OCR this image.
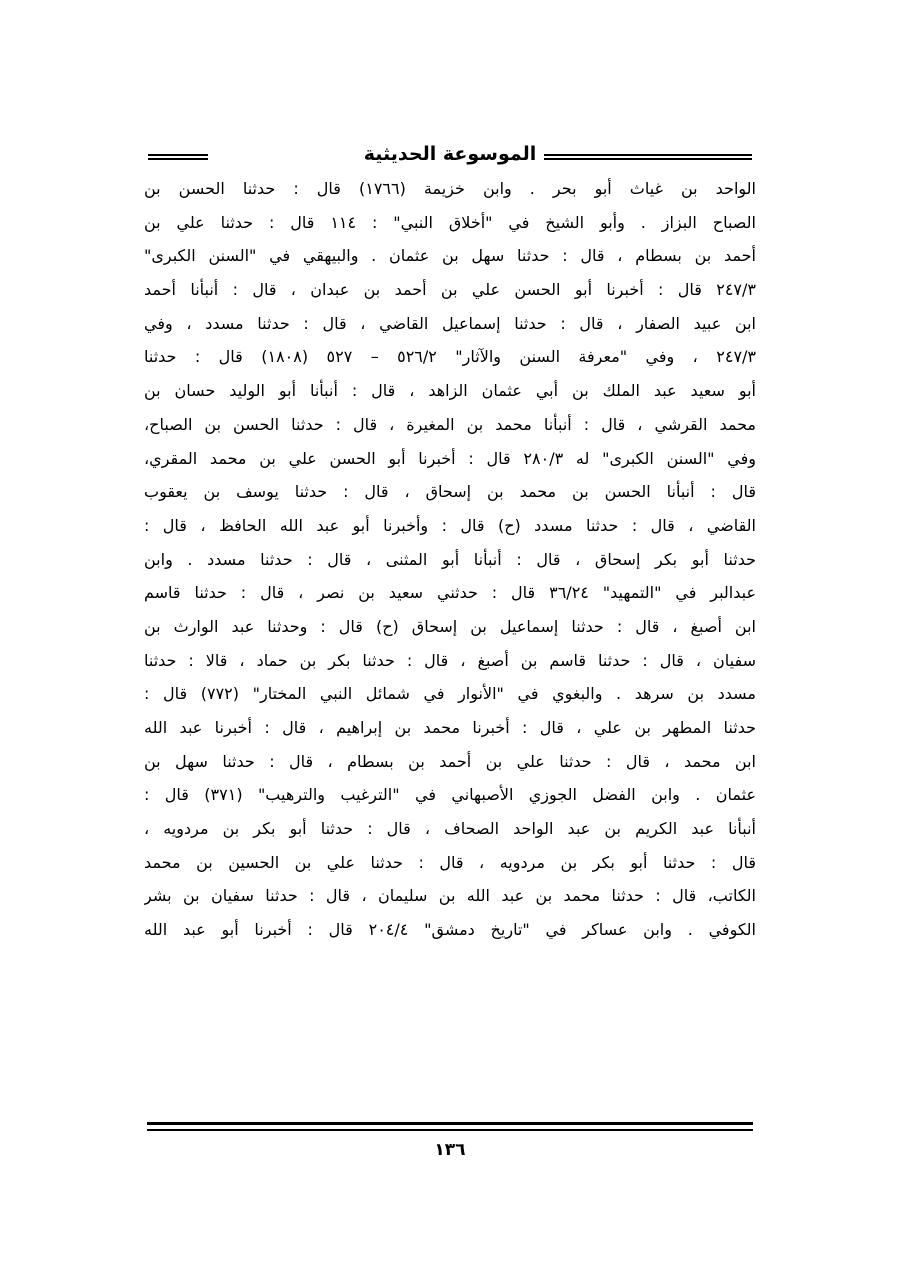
الموسوعة الحديثية
الواحد بن غياث أبو بحر . وابن خزيمة (١٧٦٦) قال : حدثنا الحسن بن
الصباح البزاز . وأبو الشيخ في "أخلاق النبي" : ١١٤ قال : حدثنا علي بن
أحمد بن بسطام ، قال : حدثنا سهل بن عثمان . والبيهقي في "السنن الكبرى"
٢٤٧/٣ قال : أخبرنا أبو الحسن علي بن أحمد بن عبدان ، قال : أنبأنا أحمد
ابن عبيد الصفار ، قال : حدثنا إسماعيل القاضي ، قال : حدثنا مسدد ، وفي
٢٤٧/٣ ، وفي "معرفة السنن والآثار" ٥٢٦/٢ – ٥٢٧ (١٨٠٨) قال : حدثنا
أبو سعيد عبد الملك بن أبي عثمان الزاهد ، قال : أنبأنا أبو الوليد حسان بن
محمد القرشي ، قال : أنبأنا محمد بن المغيرة ، قال : حدثنا الحسن بن الصباح،
وفي "السنن الكبرى" له ٢٨٠/٣ قال : أخبرنا أبو الحسن علي بن محمد المقري،
قال : أنبأنا الحسن بن محمد بن إسحاق ، قال : حدثنا يوسف بن يعقوب
القاضي ، قال : حدثنا مسدد (ح) قال : وأخبرنا أبو عبد الله الحافظ ، قال :
حدثنا أبو بكر إسحاق ، قال : أنبأنا أبو المثنى ، قال : حدثنا مسدد . وابن
عبدالبر في "التمهيد" ٣٦/٢٤ قال : حدثني سعيد بن نصر ، قال : حدثنا قاسم
ابن أصبغ ، قال : حدثنا إسماعيل بن إسحاق (ح) قال : وحدثنا عبد الوارث بن
سفيان ، قال : حدثنا قاسم بن أصبغ ، قال : حدثنا بكر بن حماد ، قالا : حدثنا
مسدد بن سرهد . والبغوي في "الأنوار في شمائل النبي المختار" (٧٧٢) قال :
حدثنا المطهر بن علي ، قال : أخبرنا محمد بن إبراهيم ، قال : أخبرنا عبد الله
ابن محمد ، قال : حدثنا علي بن أحمد بن بسطام ، قال : حدثنا سهل بن
عثمان . وابن الفضل الجوزي الأصبهاني في "الترغيب والترهيب" (٣٧١) قال :
أنبأنا عبد الكريم بن عبد الواحد الصحاف ، قال : حدثنا أبو بكر بن مردويه ،
قال : حدثنا أبو بكر بن مردويه ، قال : حدثنا علي بن الحسين بن محمد
الكاتب، قال : حدثنا محمد بن عبد الله بن سليمان ، قال : حدثنا سفيان بن بشر
الكوفي . وابن عساكر في "تاريخ دمشق" ٢٠٤/٤ قال : أخبرنا أبو عبد الله
١٣٦
